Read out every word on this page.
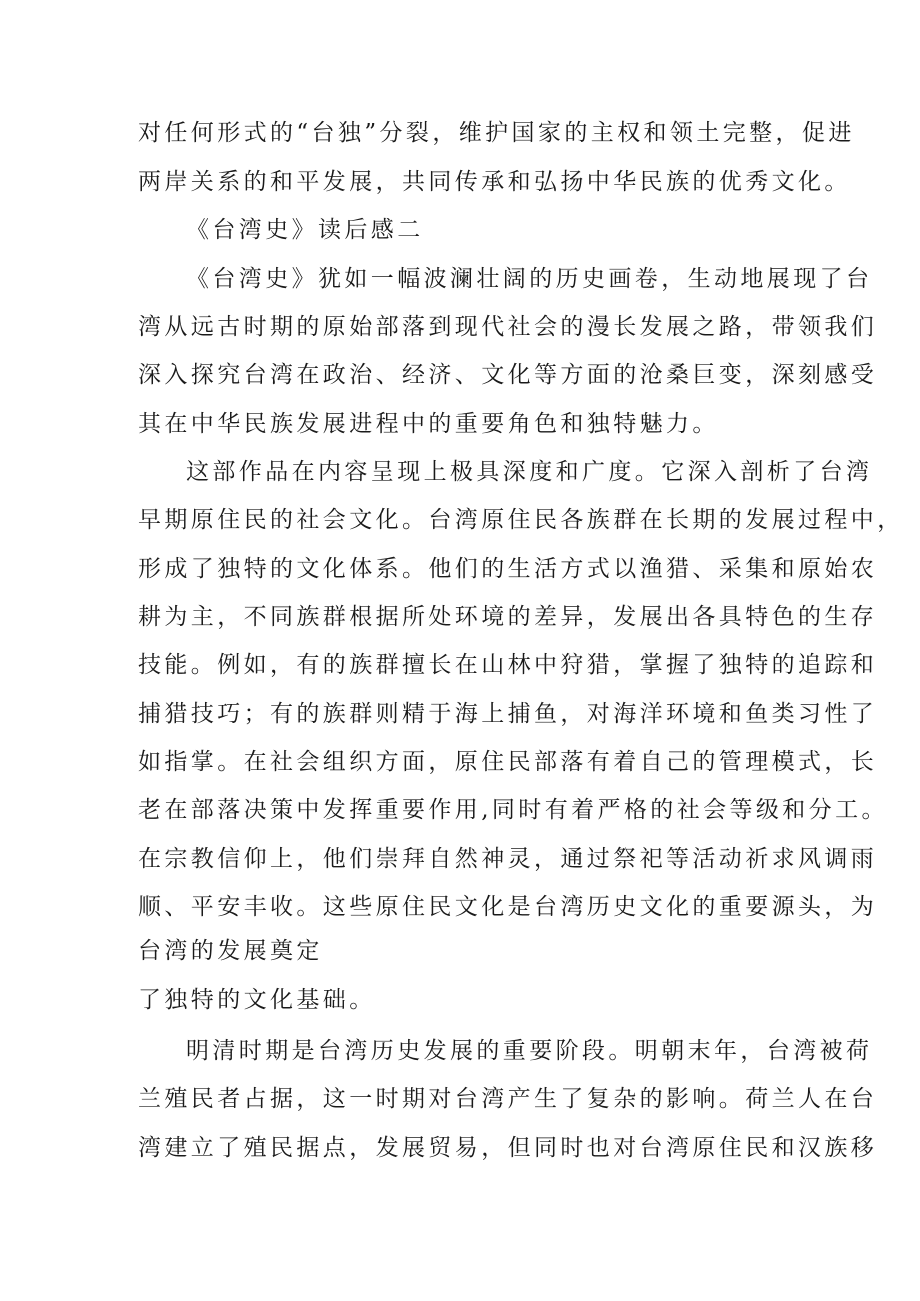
对任何形式的“台独”分裂，维护国家的主权和领土完整，促进
两岸关系的和平发展，共同传承和弘扬中华民族的优秀文化。
《台湾史》读后感二
《台湾史》犹如一幅波澜壮阔的历史画卷，生动地展现了台
湾从远古时期的原始部落到现代社会的漫长发展之路，带领我们
深入探究台湾在政治、经济、文化等方面的沧桑巨变，深刻感受
其在中华民族发展进程中的重要角色和独特魅力。
这部作品在内容呈现上极具深度和广度。它深入剖析了台湾
早期原住民的社会文化。台湾原住民各族群在长期的发展过程中，
形成了独特的文化体系。他们的生活方式以渔猎、采集和原始农
耕为主，不同族群根据所处环境的差异，发展出各具特色的生存
技能。例如，有的族群擅长在山林中狩猎，掌握了独特的追踪和
捕猎技巧；有的族群则精于海上捕鱼，对海洋环境和鱼类习性了
如指掌。在社会组织方面，原住民部落有着自己的管理模式，长
老在部落决策中发挥重要作用,同时有着严格的社会等级和分工。
在宗教信仰上，他们崇拜自然神灵，通过祭祀等活动祈求风调雨
顺、平安丰收。这些原住民文化是台湾历史文化的重要源头，为
台湾的发展奠定
了独特的文化基础。
明清时期是台湾历史发展的重要阶段。明朝末年，台湾被荷
兰殖民者占据，这一时期对台湾产生了复杂的影响。荷兰人在台
湾建立了殖民据点，发展贸易，但同时也对台湾原住民和汉族移
